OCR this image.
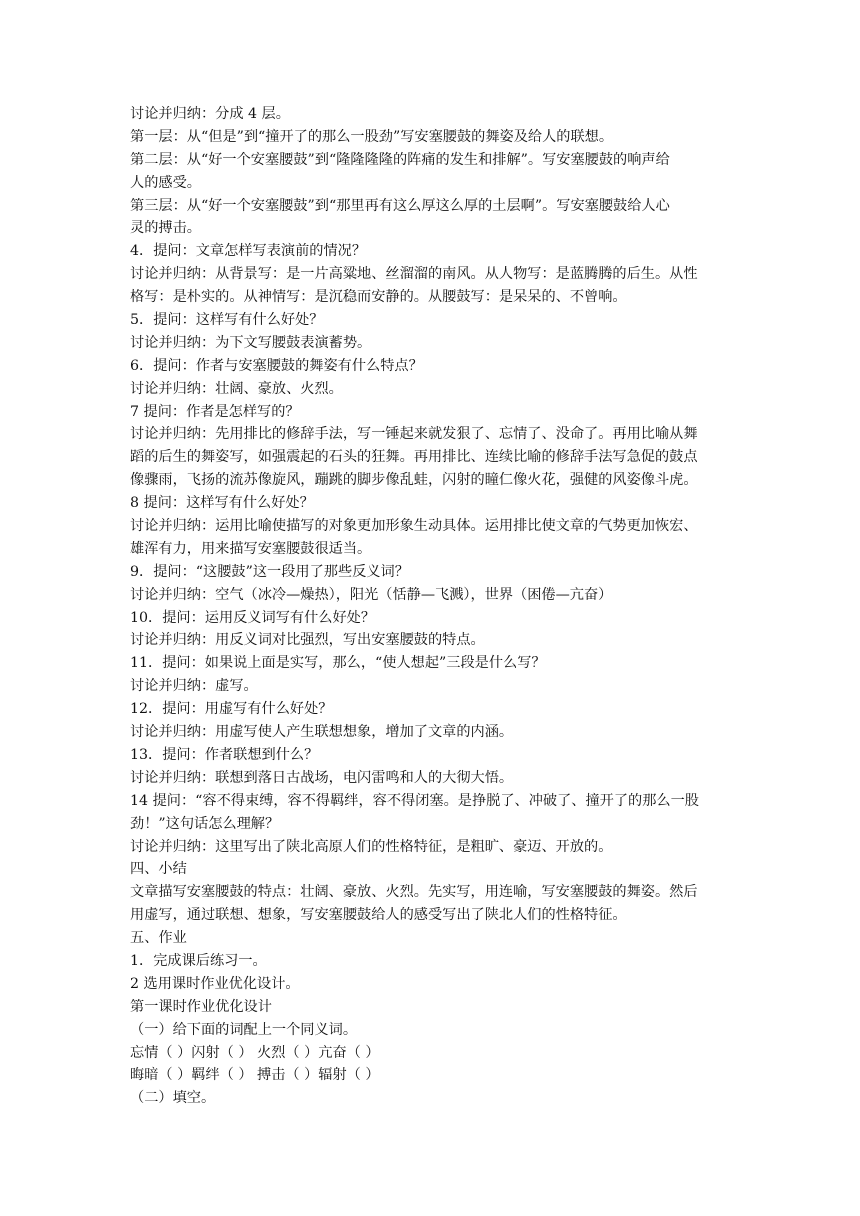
讨论并归纳：分成 4 层。
第一层：从“但是”到“撞开了的那么一股劲”写安塞腰鼓的舞姿及给人的联想。
第二层：从“好一个安塞腰鼓”到“隆隆隆隆的阵痛的发生和排解”。写安塞腰鼓的响声给
人的感受。
第三层：从“好一个安塞腰鼓”到“那里再有这么厚这么厚的土层啊”。写安塞腰鼓给人心
灵的搏击。
4．提问：文章怎样写表演前的情况？
讨论并归纳：从背景写：是一片高粱地、丝溜溜的南风。从人物写：是蓝腾腾的后生。从性
格写：是朴实的。从神情写：是沉稳而安静的。从腰鼓写：是呆呆的、不曾响。
5．提问：这样写有什么好处？
讨论并归纳：为下文写腰鼓表演蓄势。
6．提问：作者与安塞腰鼓的舞姿有什么特点？
讨论并归纳：壮阔、豪放、火烈。
7 提问：作者是怎样写的？
讨论并归纳：先用排比的修辞手法，写一锤起来就发狠了、忘情了、没命了。再用比喻从舞
蹈的后生的舞姿写，如强震起的石头的狂舞。再用排比、连续比喻的修辞手法写急促的鼓点
像骤雨，飞扬的流苏像旋风，蹦跳的脚步像乱蛙，闪射的瞳仁像火花，强健的风姿像斗虎。
8 提问：这样写有什么好处？
讨论并归纳：运用比喻使描写的对象更加形象生动具体。运用排比使文章的气势更加恢宏、
雄浑有力，用来描写安塞腰鼓很适当。
9．提问：“这腰鼓”这一段用了那些反义词？
讨论并归纳：空气（冰冷—燥热），阳光（恬静—飞溅），世界（困倦—亢奋）
10．提问：运用反义词写有什么好处？
讨论并归纳：用反义词对比强烈，写出安塞腰鼓的特点。
11．提问：如果说上面是实写，那么，“使人想起”三段是什么写？
讨论并归纳：虚写。
12．提问：用虚写有什么好处？
讨论并归纳：用虚写使人产生联想想象，增加了文章的内涵。
13．提问：作者联想到什么？
讨论并归纳：联想到落日古战场，电闪雷鸣和人的大彻大悟。
14 提问：“容不得束缚，容不得羁绊，容不得闭塞。是挣脱了、冲破了、撞开了的那么一股
劲！”这句话怎么理解？
讨论并归纳：这里写出了陕北高原人们的性格特征，是粗旷、豪迈、开放的。
四、小结
文章描写安塞腰鼓的特点：壮阔、豪放、火烈。先实写，用连喻，写安塞腰鼓的舞姿。然后
用虚写，通过联想、想象，写安塞腰鼓给人的感受写出了陕北人们的性格特征。
五、作业
1．完成课后练习一。
2 选用课时作业优化设计。
第一课时作业优化设计
（一）给下面的词配上一个同义词。
忘情（ ）闪射（ ） 火烈（ ）亢奋（ ）
晦暗（ ）羁绊（ ） 搏击（ ）辐射（ ）
（二）填空。
